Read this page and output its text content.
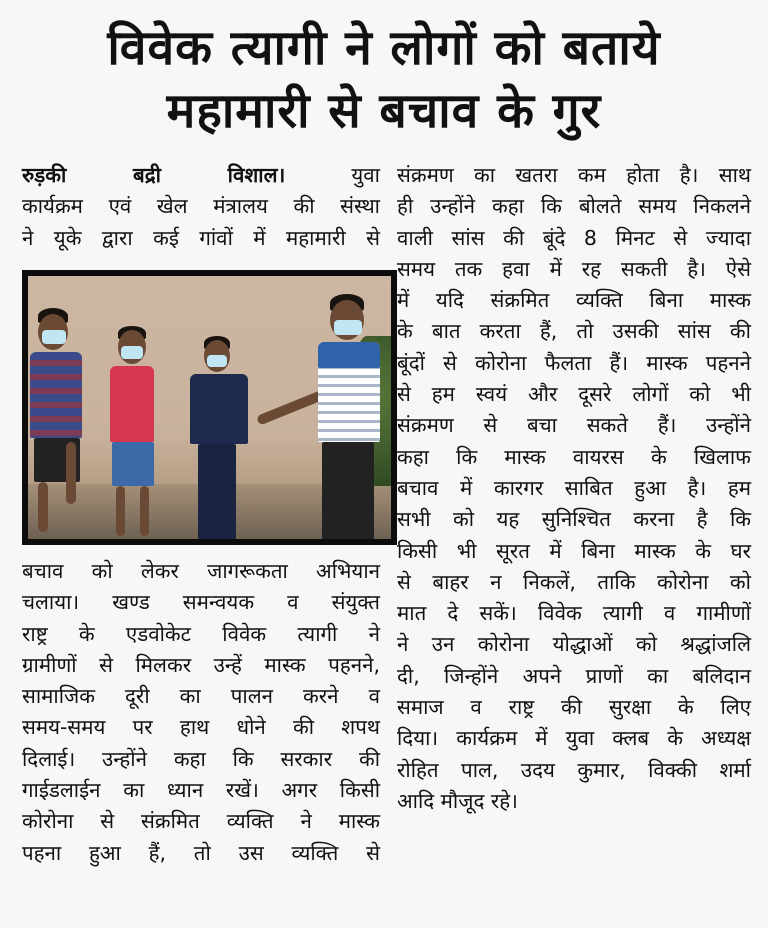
विवेक त्यागी ने लोगों को बताये
महामारी से बचाव के गुर

रुड़की बद्री विशाल। युवा

कार्यक्रम एवं खेल मंत्रालय की संस्था

ने यूके द्वारा कई गांवों में महामारी से

बचाव को लेकर जागरूकता अभियान

चलाया। खण्ड समन्वयक व संयुक्त

राष्ट्र के एडवोकेट विवेक त्यागी ने

ग्रामीणों से मिलकर उन्हें मास्क पहनने,

सामाजिक दूरी का पालन करने व

समय-समय पर हाथ धोने की शपथ

दिलाई। उन्होंने कहा कि सरकार की

गाईडलाईन का ध्यान रखें। अगर किसी

कोरोना से संक्रमित व्यक्ति ने मास्क

पहना हुआ हैं, तो उस व्यक्ति से

संक्रमण का खतरा कम होता है। साथ

ही उन्होंने कहा कि बोलते समय निकलने

वाली सांस की बूंदे 8 मिनट से ज्यादा

समय तक हवा में रह सकती है। ऐसे

में यदि संक्रमित व्यक्ति बिना मास्क

के बात करता हैं, तो उसकी सांस की

बूंदों से कोरोना फैलता हैं। मास्क पहनने

से हम स्वयं और दूसरे लोगों को भी

संक्रमण से बचा सकते हैं। उन्होंने

कहा कि मास्क वायरस के खिलाफ

बचाव में कारगर साबित हुआ है। हम

सभी को यह सुनिश्चित करना है कि

किसी भी सूरत में बिना मास्क के घर

से बाहर न निकलें, ताकि कोरोना को

मात दे सकें। विवेक त्यागी व गामीणों

ने उन कोरोना योद्धाओं को श्रद्धांजलि

दी, जिन्होंने अपने प्राणों का बलिदान

समाज व राष्ट्र की सुरक्षा के लिए

दिया। कार्यक्रम में युवा क्लब के अध्यक्ष

रोहित पाल, उदय कुमार, विक्की शर्मा

आदि मौजूद रहे।
